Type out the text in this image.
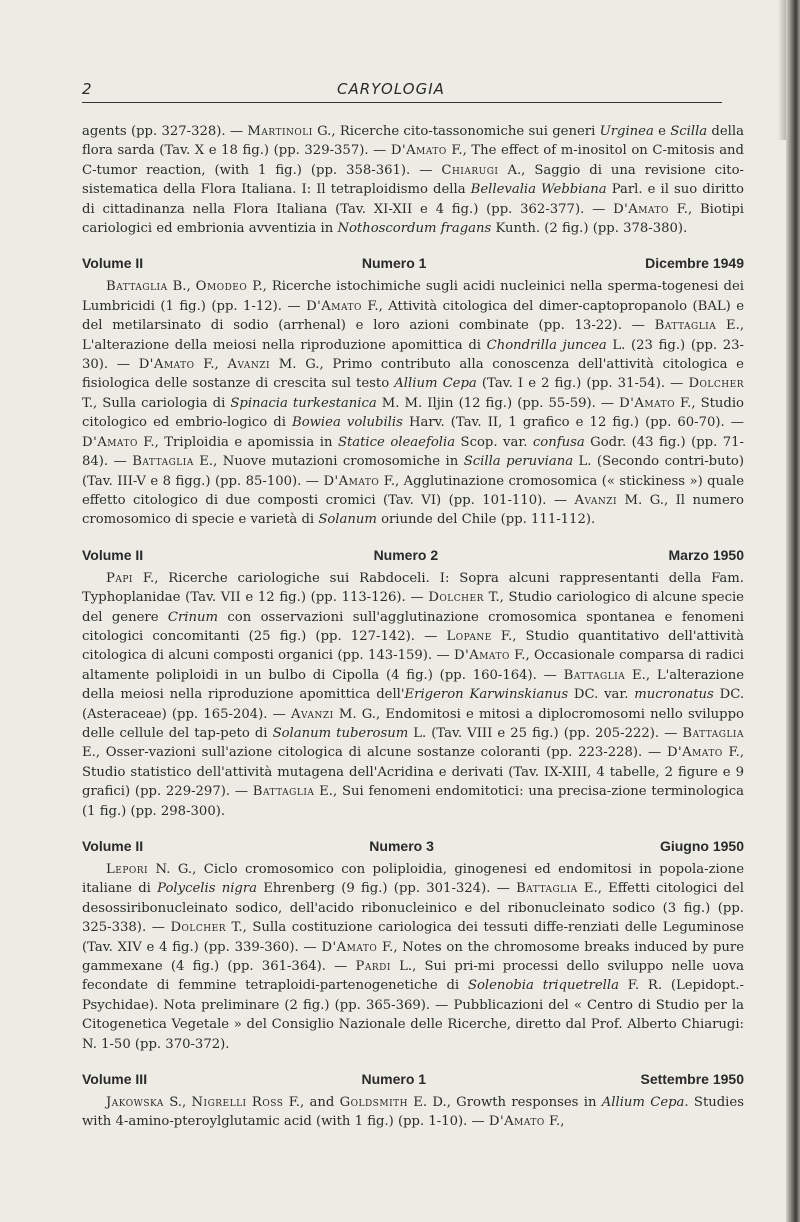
2	CARYOLOGIA

agents (pp. 327-328). — Martinoli G., Ricerche cito-tassonomiche sui generi Urginea e Scilla della flora sarda (Tav. X e 18 fig.) (pp. 329-357). — D'Amato F., The effect of m-inositol on C-mitosis and C-tumor reaction, (with 1 fig.) (pp. 358-361). — Chiarugi A., Saggio di una revisione cito-sistematica della Flora Italiana. I: Il tetraploidismo della Bellevalia Webbiana Parl. e il suo diritto di cittadinanza nella Flora Italiana (Tav. XI-XII e 4 fig.) (pp. 362-377). — D'Amato F., Biotipi cariologici ed embrionia avventizia in Nothoscordum fragans Kunth. (2 fig.) (pp. 378-380).

Volume II	Numero 1	Dicembre 1949

Battaglia B., Omodeo P., Ricerche istochimiche sugli acidi nucleinici nella sperma-togenesi dei Lumbricidi (1 fig.) (pp. 1-12). — D'Amato F., Attività citologica del dimer-captopropanolo (BAL) e del metilarsinato di sodio (arrhenal) e loro azioni combinate (pp. 13-22). — Battaglia E., L'alterazione della meiosi nella riproduzione apomittica di Chondrilla juncea L. (23 fig.) (pp. 23-30). — D'Amato F., Avanzi M. G., Primo contributo alla conoscenza dell'attività citologica e fisiologica delle sostanze di crescita sul testo Allium Cepa (Tav. I e 2 fig.) (pp. 31-54). — Dolcher T., Sulla cariologia di Spinacia turkestanica M. M. Iljin (12 fig.) (pp. 55-59). — D'Amato F., Studio citologico ed embrio-logico di Bowiea volubilis Harv. (Tav. II, 1 grafico e 12 fig.) (pp. 60-70). — D'Amato F., Triploidia e apomissia in Statice oleaefolia Scop. var. confusa Godr. (43 fig.) (pp. 71-84). — Battaglia E., Nuove mutazioni cromosomiche in Scilla peruviana L. (Secondo contri-buto) (Tav. III-V e 8 figg.) (pp. 85-100). — D'Amato F., Agglutinazione cromosomica (« stickiness ») quale effetto citologico di due composti cromici (Tav. VI) (pp. 101-110). — Avanzi M. G., Il numero cromosomico di specie e varietà di Solanum oriunde del Chile (pp. 111-112).

Volume II	Numero 2	Marzo 1950

Papi F., Ricerche cariologiche sui Rabdoceli. I: Sopra alcuni rappresentanti della Fam. Typhoplanidae (Tav. VII e 12 fig.) (pp. 113-126). — Dolcher T., Studio cariologico di alcune specie del genere Crinum con osservazioni sull'agglutinazione cromosomica spontanea e fenomeni citologici concomitanti (25 fig.) (pp. 127-142). — Lopane F., Studio quantitativo dell'attività citologica di alcuni composti organici (pp. 143-159). — D'Amato F., Occasionale comparsa di radici altamente poliploidi in un bulbo di Cipolla (4 fig.) (pp. 160-164). — Battaglia E., L'alterazione della meiosi nella riproduzione apomittica dell'Erigeron Karwinskianus DC. var. mucronatus DC. (Asteraceae) (pp. 165-204). — Avanzi M. G., Endomitosi e mitosi a diplocromosomi nello sviluppo delle cellule del tap-peto di Solanum tuberosum L. (Tav. VIII e 25 fig.) (pp. 205-222). — Battaglia E., Osser-vazioni sull'azione citologica di alcune sostanze coloranti (pp. 223-228). — D'Amato F., Studio statistico dell'attività mutagena dell'Acridina e derivati (Tav. IX-XIII, 4 tabelle, 2 figure e 9 grafici) (pp. 229-297). — Battaglia E., Sui fenomeni endomitotici: una precisa-zione terminologica (1 fig.) (pp. 298-300).

Volume II	Numero 3	Giugno 1950

Lepori N. G., Ciclo cromosomico con poliploidia, ginogenesi ed endomitosi in popola-zione italiane di Polycelis nigra Ehrenberg (9 fig.) (pp. 301-324). — Battaglia E., Effetti citologici del desossiribonucleinato sodico, dell'acido ribonucleinico e del ribonucleinato sodico (3 fig.) (pp. 325-338). — Dolcher T., Sulla costituzione cariologica dei tessuti diffe-renziati delle Leguminose (Tav. XIV e 4 fig.) (pp. 339-360). — D'Amato F., Notes on the chromosome breaks induced by pure gammexane (4 fig.) (pp. 361-364). — Pardi L., Sui pri-mi processi dello sviluppo nelle uova fecondate di femmine tetraploidi-partenogenetiche di Solenobia triquetrella F. R. (Lepidopt.-Psychidae). Nota preliminare (2 fig.) (pp. 365-369). — Pubblicazioni del « Centro di Studio per la Citogenetica Vegetale » del Consiglio Nazionale delle Ricerche, diretto dal Prof. Alberto Chiarugi: N. 1-50 (pp. 370-372).

Volume III	Numero 1	Settembre 1950

Jakowska S., Nigrelli Ross F., and Goldsmith E. D., Growth responses in Allium Cepa. Studies with 4-amino-pteroylglutamic acid (with 1 fig.) (pp. 1-10). — D'Amato F.,
